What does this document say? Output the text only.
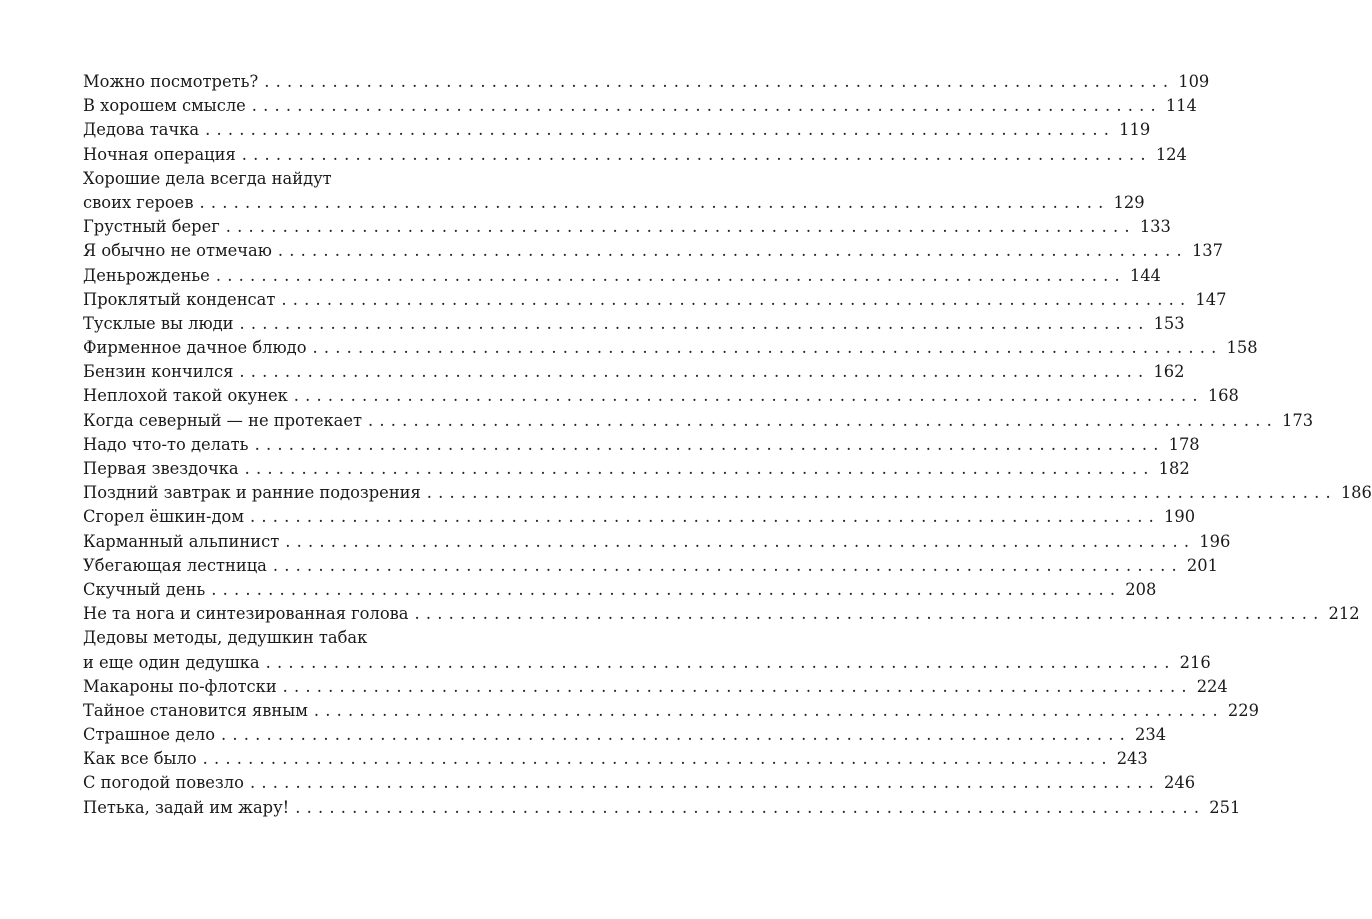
Можно посмотреть? ................................................................................ 109
В хорошем смысле ................................................................................ 114
Дедова тачка ................................................................................ 119
Ночная операция ................................................................................ 124
Хорошие дела всегда найдут
своих героев ................................................................................ 129
Грустный берег ................................................................................ 133
Я обычно не отмечаю ................................................................................ 137
Деньрожденье ................................................................................ 144
Проклятый конденсат ................................................................................ 147
Тусклые вы люди ................................................................................ 153
Фирменное дачное блюдо ................................................................................ 158
Бензин кончился ................................................................................ 162
Неплохой такой окунек ................................................................................ 168
Когда северный — не протекает ................................................................................ 173
Надо что-то делать ................................................................................ 178
Первая звездочка ................................................................................ 182
Поздний завтрак и ранние подозрения ................................................................................ 186
Сгорел ёшкин-дом ................................................................................ 190
Карманный альпинист ................................................................................ 196
Убегающая лестница ................................................................................ 201
Скучный день ................................................................................ 208
Не та нога и синтезированная голова ................................................................................ 212
Дедовы методы, дедушкин табак
и еще один дедушка ................................................................................ 216
Макароны по-флотски ................................................................................ 224
Тайное становится явным ................................................................................ 229
Страшное дело ................................................................................ 234
Как все было ................................................................................ 243
С погодой повезло ................................................................................ 246
Петька, задай им жару! ................................................................................ 251
